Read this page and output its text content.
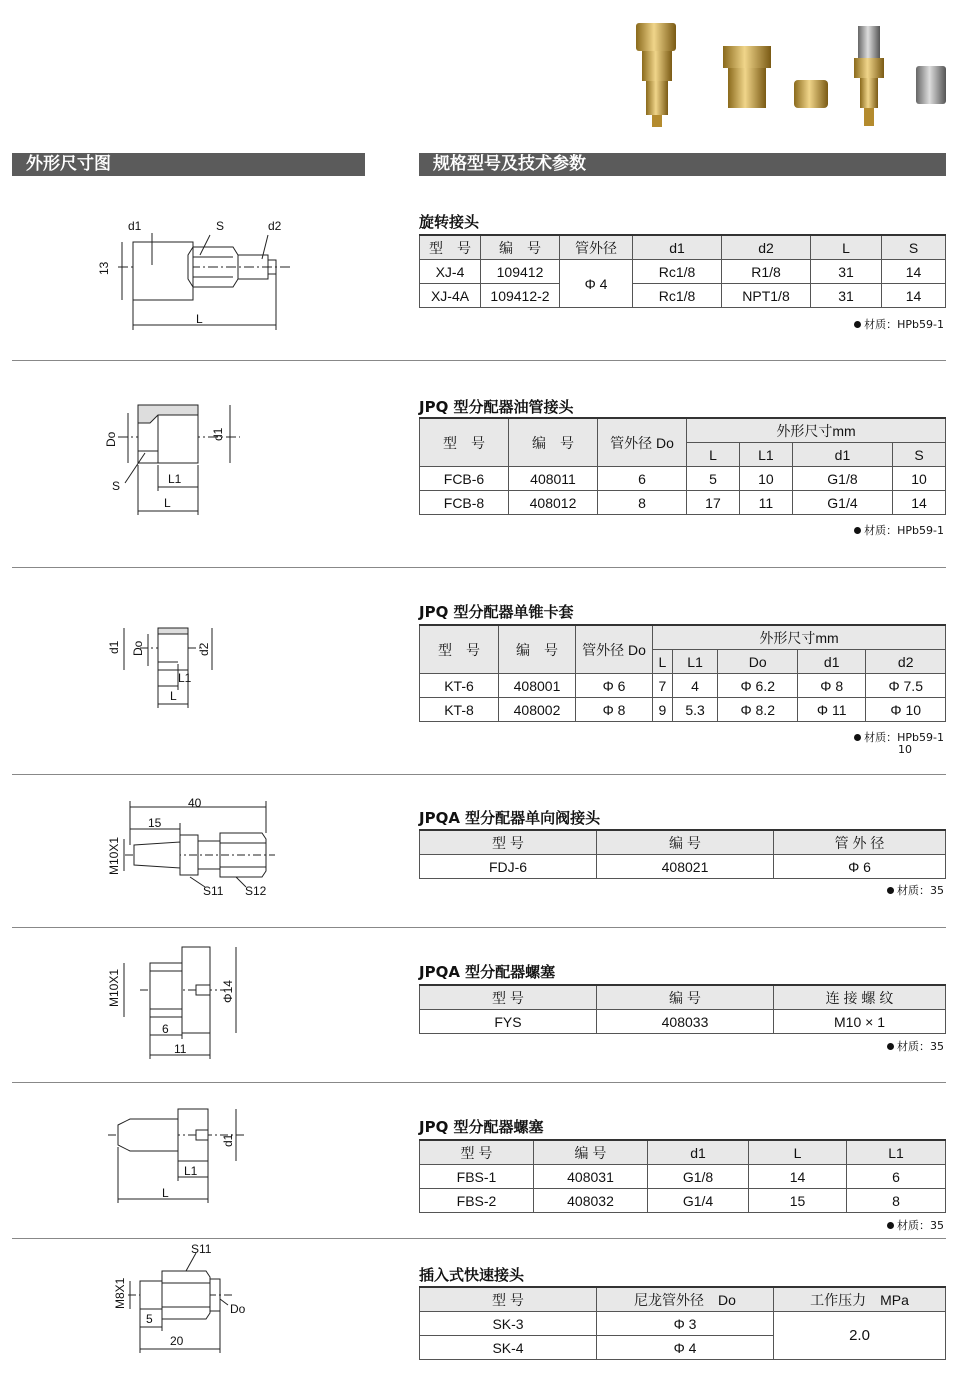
外形尺寸图	规格型号及技术参数
d1	S	d2
13
L
旋转接头
型　号	编　号	管外径	d1	d2	L	S
XJ-4	109412	Φ 4	Rc1/8	R1/8	31	14
XJ-4A	109412-2		Rc1/8	NPT1/8	31	14
材质：HPb59-1
Do	d1
S	L1
L
JPQ 型分配器油管接头
型　号	编　号	管外径 Do	外形尺寸mm			
			L	L1	d1	S
FCB-6	408011	6	5	10	G1/8	10
FCB-8	408012	8	17	11	G1/4	14
材质：HPb59-1
d1 Do	d2
L1
L
JPQ 型分配器单锥卡套
型　号	编　号	管外径 Do	外形尺寸mm				
			L	L1	Do	d1	d2
KT-6	408001	Φ 6	7	4	Φ 6.2	Φ 8	Φ 7.5
KT-8	408002	Φ 8	9	5.3	Φ 8.2	Φ 11	Φ 10
材质：HPb59-1
10
40
15
M10X1
S11 S12
JPQA 型分配器单向阀接头
型 号	编 号	管 外 径
FDJ-6	408021	Φ 6
材质：35
M10X1	Φ14
6
11
JPQA 型分配器螺塞
型 号	编 号	连 接 螺 纹
FYS	408033	M10 × 1
材质：35
d1
L1
L
JPQ 型分配器螺塞
型 号	编 号	d1	L	L1
FBS-1	408031	G1/8	14	6
FBS-2	408032	G1/4	15	8
材质：35
S11
M8X1	Do
5
20
插入式快速接头
型 号	尼龙管外径　Do	工作压力　MPa
SK-3	Φ 3	2.0
SK-4	Φ 4	
